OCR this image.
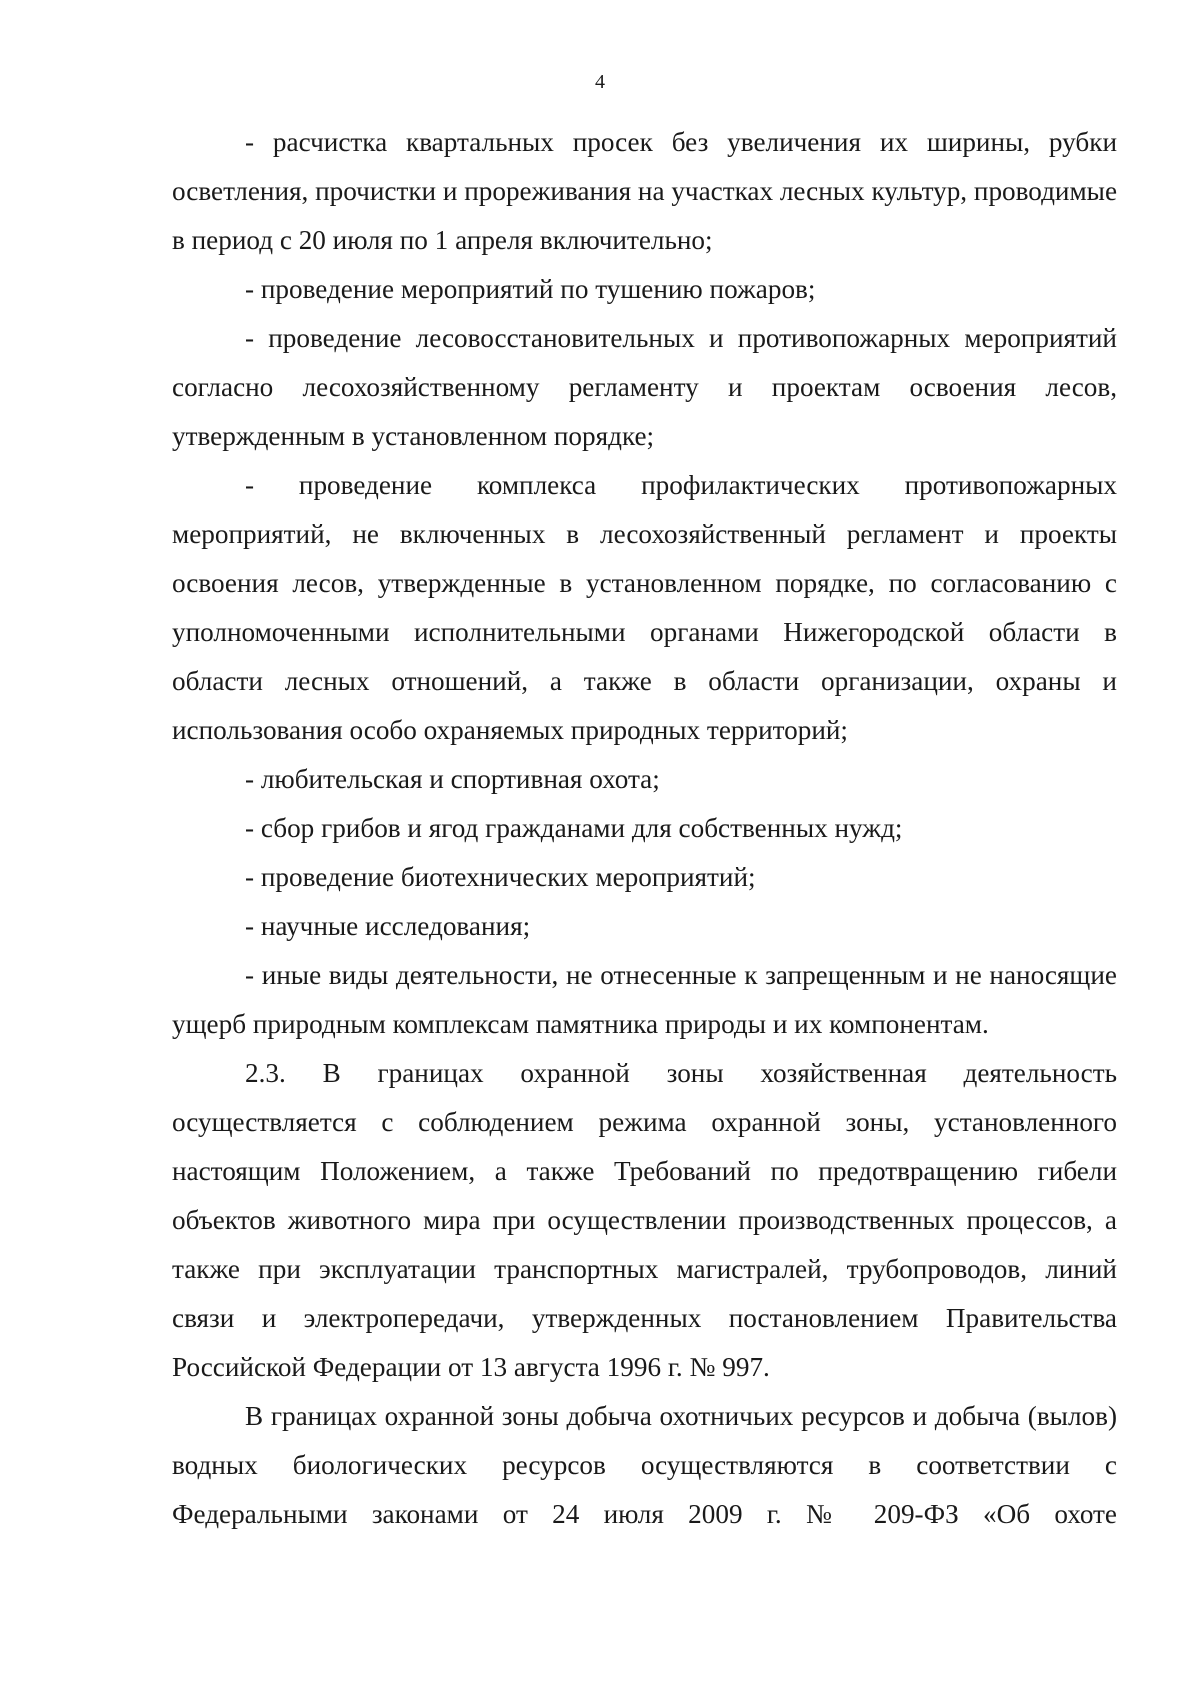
4

- расчистка квартальных просек без увеличения их ширины, рубки осветления, прочистки и прореживания на участках лесных культур, проводимые в период с 20 июля по 1 апреля включительно;

- проведение мероприятий по тушению пожаров;

- проведение лесовосстановительных и противопожарных мероприятий согласно лесохозяйственному регламенту и проектам освоения лесов, утвержденным в установленном порядке;

- проведение комплекса профилактических противопожарных мероприятий, не включенных в лесохозяйственный регламент и проекты освоения лесов, утвержденные в установленном порядке, по согласованию с уполномоченными исполнительными органами Нижегородской области в области лесных отношений, а также в области организации, охраны и использования особо охраняемых природных территорий;

- любительская и спортивная охота;

- сбор грибов и ягод гражданами для собственных нужд;

- проведение биотехнических мероприятий;

- научные исследования;

- иные виды деятельности, не отнесенные к запрещенным и не наносящие ущерб природным комплексам памятника природы и их компонентам.

2.3. В границах охранной зоны хозяйственная деятельность осуществляется с соблюдением режима охранной зоны, установленного настоящим Положением, а также Требований по предотвращению гибели объектов животного мира при осуществлении производственных процессов, а также при эксплуатации транспортных магистралей, трубопроводов, линий связи и электропередачи, утвержденных постановлением Правительства Российской Федерации от 13 августа 1996 г. № 997.

В границах охранной зоны добыча охотничьих ресурсов и добыча (вылов) водных биологических ресурсов осуществляются в соответствии с Федеральными законами от 24 июля 2009 г. № 209-ФЗ «Об охоте
